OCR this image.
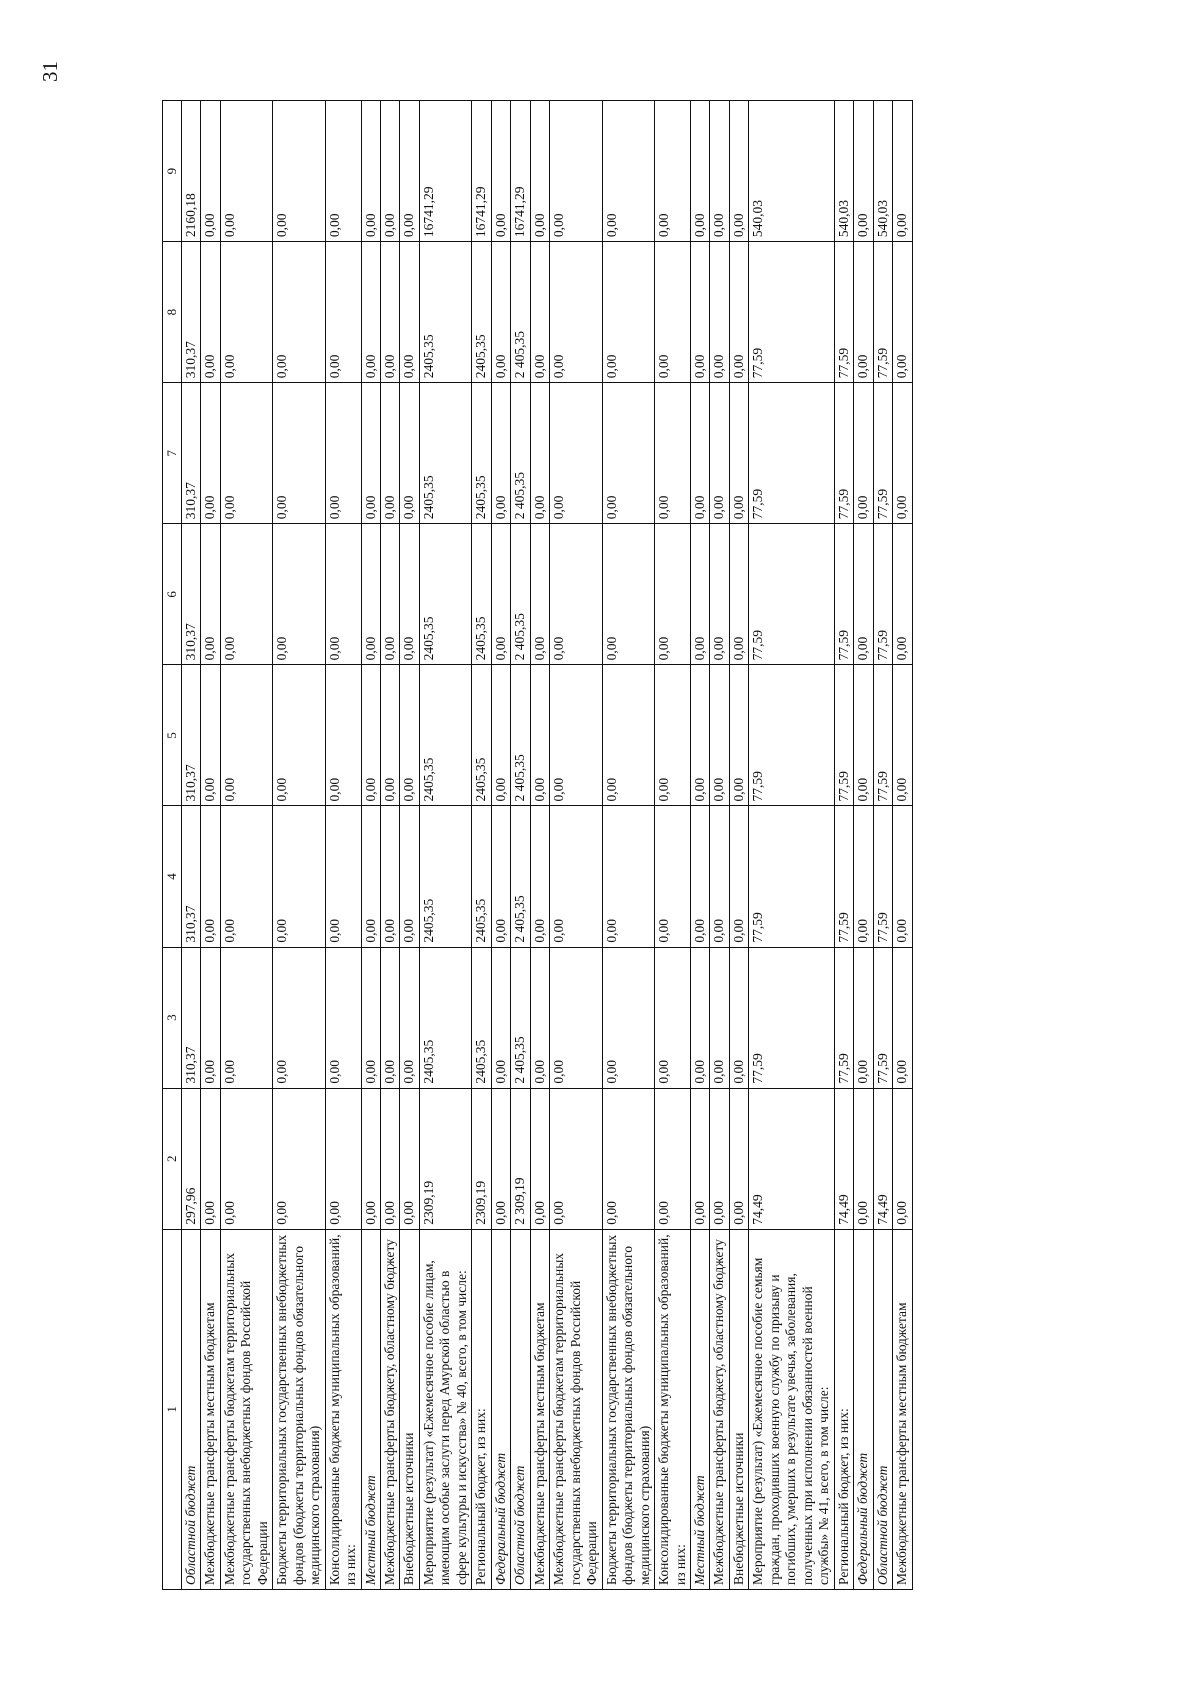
31
1	2	3	4	5	6	7	8	9
Областной бюджет	297,96	310,37	310,37	310,37	310,37	310,37	310,37	2160,18
Межбюджетные трансферты местным бюджетам	0,00	0,00	0,00	0,00	0,00	0,00	0,00	0,00
Межбюджетные трансферты бюджетам территориальных государственных внебюджетных фондов Российской Федерации	0,00	0,00	0,00	0,00	0,00	0,00	0,00	0,00
Бюджеты территориальных государственных внебюджетных фондов (бюджеты территориальных фондов обязательного медицинского страхования)	0,00	0,00	0,00	0,00	0,00	0,00	0,00	0,00
Консолидированные бюджеты муниципальных образований, из них:	0,00	0,00	0,00	0,00	0,00	0,00	0,00	0,00
Местный бюджет	0,00	0,00	0,00	0,00	0,00	0,00	0,00	0,00
Межбюджетные трансферты бюджету, областному бюджету	0,00	0,00	0,00	0,00	0,00	0,00	0,00	0,00
Внебюджетные источники	0,00	0,00	0,00	0,00	0,00	0,00	0,00	0,00
Мероприятие (результат) «Ежемесячное пособие лицам, имеющим особые заслуги перед Амурской областью в сфере культуры и искусства» № 40, всего, в том числе:	2309,19	2405,35	2405,35	2405,35	2405,35	2405,35	2405,35	16741,29
Региональный бюджет, из них:	2309,19	2405,35	2405,35	2405,35	2405,35	2405,35	2405,35	16741,29
Федеральный бюджет	0,00	0,00	0,00	0,00	0,00	0,00	0,00	0,00
Областной бюджет	2 309,19	2 405,35	2 405,35	2 405,35	2 405,35	2 405,35	2 405,35	16741,29
Межбюджетные трансферты местным бюджетам	0,00	0,00	0,00	0,00	0,00	0,00	0,00	0,00
Межбюджетные трансферты бюджетам территориальных государственных внебюджетных фондов Российской Федерации	0,00	0,00	0,00	0,00	0,00	0,00	0,00	0,00
Бюджеты территориальных государственных внебюджетных фондов (бюджеты территориальных фондов обязательного медицинского страхования)	0,00	0,00	0,00	0,00	0,00	0,00	0,00	0,00
Консолидированные бюджеты муниципальных образований, из них:	0,00	0,00	0,00	0,00	0,00	0,00	0,00	0,00
Местный бюджет	0,00	0,00	0,00	0,00	0,00	0,00	0,00	0,00
Межбюджетные трансферты бюджету, областному бюджету	0,00	0,00	0,00	0,00	0,00	0,00	0,00	0,00
Внебюджетные источники	0,00	0,00	0,00	0,00	0,00	0,00	0,00	0,00
Мероприятие (результат) «Ежемесячное пособие семьям граждан, проходивших военную службу по призыву и погибших, умерших в результате увечья, заболевания, полученных при исполнении обязанностей военной службы» № 41, всего, в том числе:	74,49	77,59	77,59	77,59	77,59	77,59	77,59	540,03
Региональный бюджет, из них:	74,49	77,59	77,59	77,59	77,59	77,59	77,59	540,03
Федеральный бюджет	0,00	0,00	0,00	0,00	0,00	0,00	0,00	0,00
Областной бюджет	74,49	77,59	77,59	77,59	77,59	77,59	77,59	540,03
Межбюджетные трансферты местным бюджетам	0,00	0,00	0,00	0,00	0,00	0,00	0,00	0,00
